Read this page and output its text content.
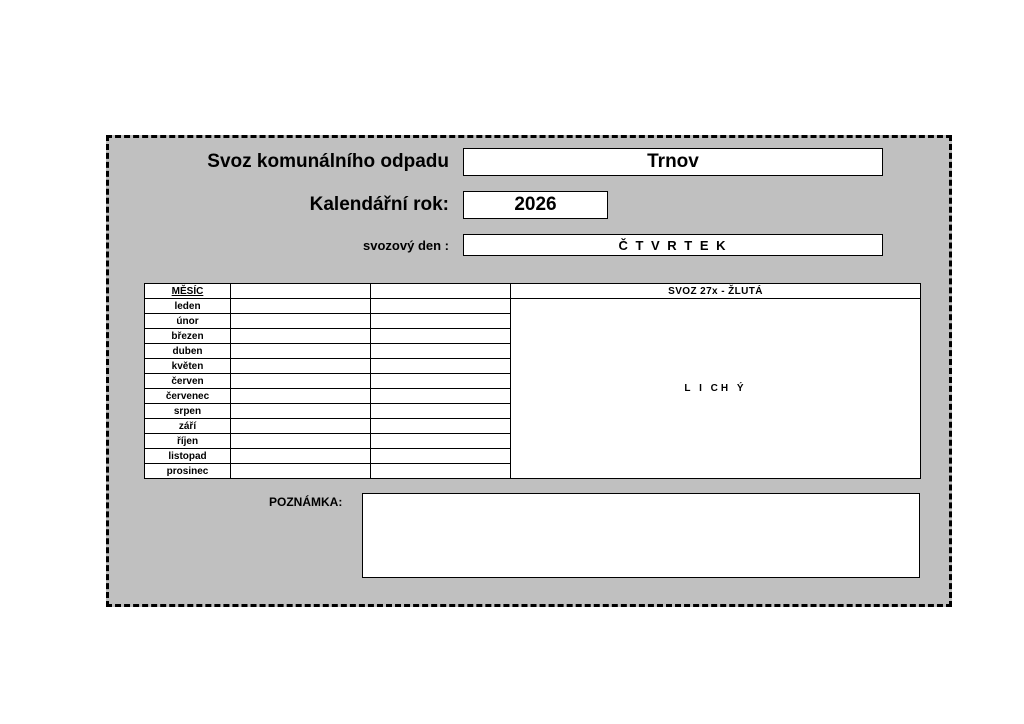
Svoz komunálního odpadu	Trnov
Kalendářní rok:	2026
svozový den :	Č T V R T E K
MĚSÍC			SVOZ 27x - ŽLUTÁ
leden			L I CH Ý
únor			
březen			
duben			
květen			
červen			
červenec			
srpen			
září			
říjen			
listopad			
prosinec			
POZNÁMKA:
